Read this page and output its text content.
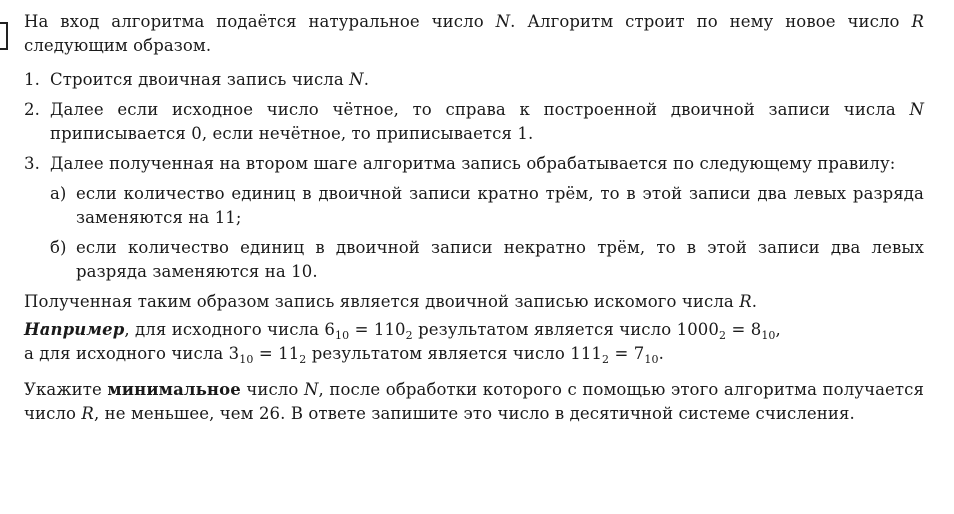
На вход алгоритма подаётся натуральное число N. Алгоритм строит по нему новое число R следующим образом.

1. Строится двоичная запись числа N.
2. Далее если исходное число чётное, то справа к построенной двоичной записи числа N приписывается 0, если нечётное, то приписывается 1.
3. Далее полученная на втором шаге алгоритма запись обрабатывается по следующему правилу:
а) если количество единиц в двоичной записи кратно трём, то в этой записи два левых разряда заменяются на 11;
б) если количество единиц в двоичной записи некратно трём, то в этой записи два левых разряда заменяются на 10.

Полученная таким образом запись является двоичной записью искомого числа R.

Например, для исходного числа $6_{10} = 110_2$ результатом является число $1000_2 = 8_{10}$,
а для исходного числа $3_{10} = 11_2$ результатом является число $111_2 = 7_{10}$.

Укажите минимальное число N, после обработки которого с помощью этого алгоритма получается число R, не меньшее, чем 26. В ответе запишите это число в десятичной системе счисления.
